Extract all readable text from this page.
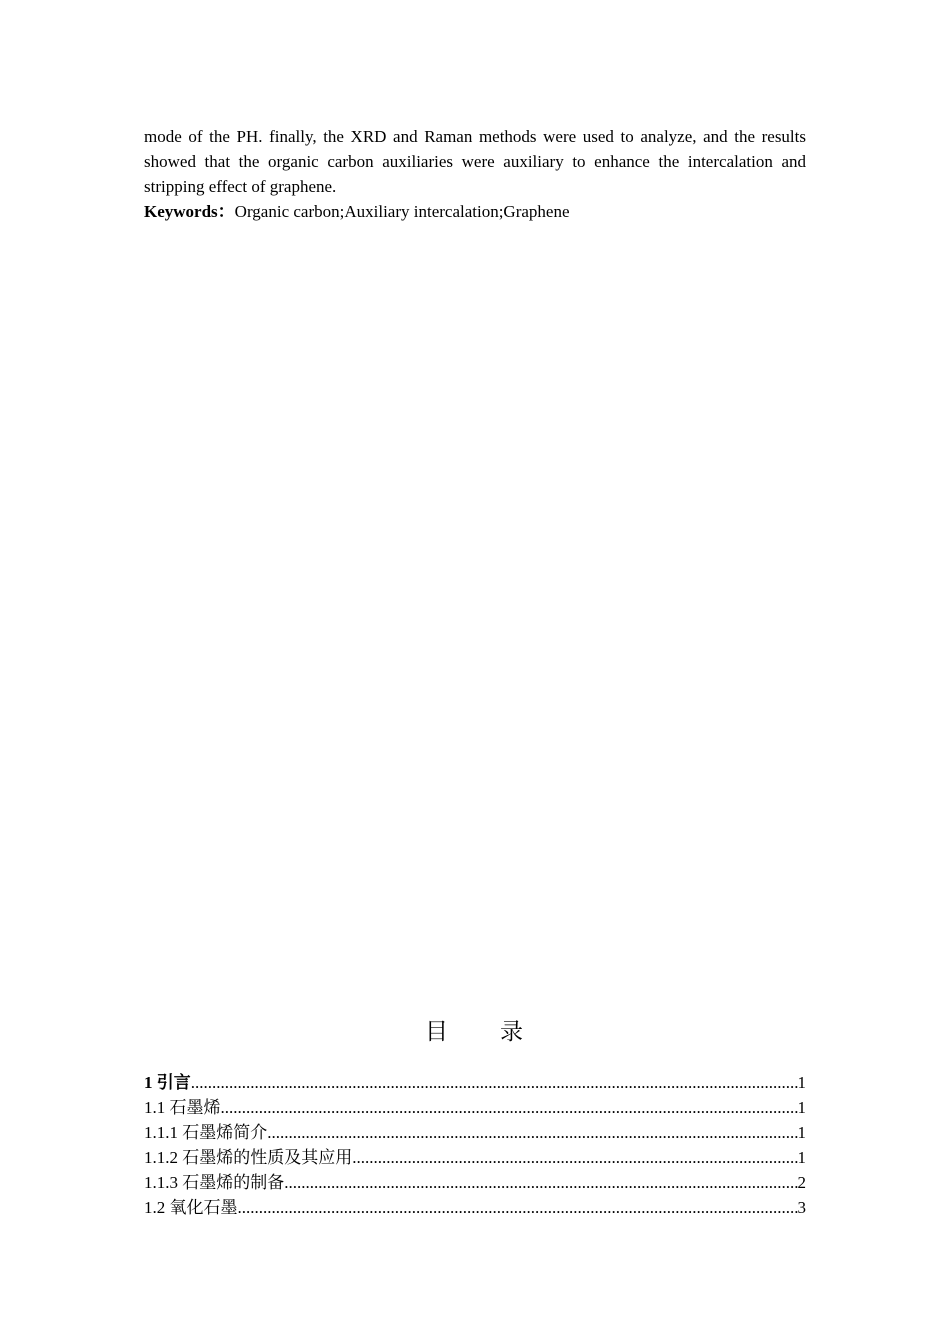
mode of the PH. finally, the XRD and Raman methods were used to analyze, and the results showed that the organic carbon auxiliaries were auxiliary to enhance the intercalation and stripping effect of graphene.

Keywords：Organic carbon;Auxiliary intercalation;Graphene
目　　录
1 引言 .....	1
1.1 石墨烯 .....	1
1.1.1 石墨烯简介 .....	1
1.1.2 石墨烯的性质及其应用 .....	1
1.1.3 石墨烯的制备 .....	2
1.2 氧化石墨 .....	3
